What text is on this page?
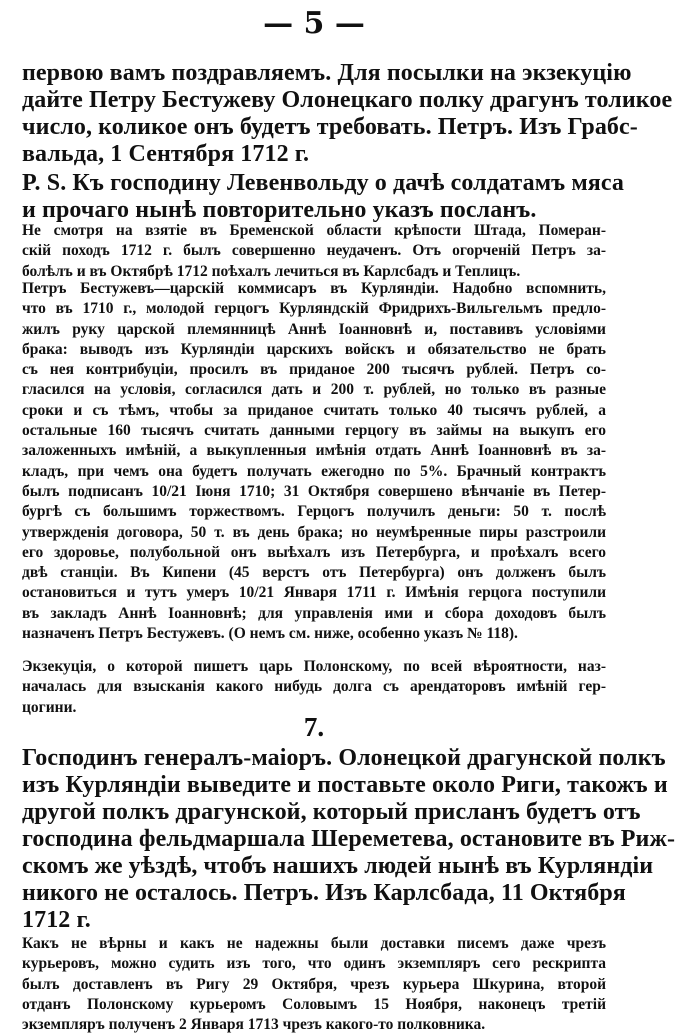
— 5 —
первою вамъ поздравляемъ. Для посылки на экзекуцію
дайте Петру Бестужеву Олонецкаго полку драгунъ толикое
число, коликое онъ будетъ требовать. Петръ. Изъ Грабс-
вальда, 1 Сентября 1712 г.
P. S. Къ господину Левенвольду о дачѣ солдатамъ мяса
и прочаго нынѣ повторительно указъ посланъ.
Не смотря на взятіе въ Бременской области крѣпости Штада, Померан-
скій походъ 1712 г. былъ совершенно неудаченъ. Отъ огорченій Петръ за-
болѣлъ и въ Октябрѣ 1712 поѣхалъ лечиться въ Карлсбадъ и Теплицъ.
Петръ Бестужевъ—царскій коммисаръ въ Курляндіи. Надобно вспомнить,
что въ 1710 г., молодой герцогъ Курляндскій Фридрихъ-Вильгельмъ предло-
жилъ руку царской племянницѣ Аннѣ Іоанновнѣ и, поставивъ условіями
брака: выводъ изъ Курляндіи царскихъ войскъ и обязательство не брать
съ нея контрибуціи, просилъ въ приданое 200 тысячъ рублей. Петръ со-
гласился на условія, согласился дать и 200 т. рублей, но только въ разные
сроки и съ тѣмъ, чтобы за приданое считать только 40 тысячъ рублей, а
остальные 160 тысячъ считать данными герцогу въ займы на выкупъ его
заложенныхъ имѣній, а выкупленныя имѣнія отдать Аннѣ Іоанновнѣ въ за-
кладъ, при чемъ она будетъ получать ежегодно по 5%. Брачный контрактъ
былъ подписанъ 10/21 Іюня 1710; 31 Октября совершено вѣнчаніе въ Петер-
бургѣ съ большимъ торжествомъ. Герцогъ получилъ деньги: 50 т. послѣ
утвержденія договора, 50 т. въ день брака; но неумѣренные пиры разстроили
его здоровье, полубольной онъ выѣхалъ изъ Петербурга, и проѣхалъ всего
двѣ станціи. Въ Кипени (45 верстъ отъ Петербурга) онъ долженъ былъ
остановиться и тутъ умеръ 10/21 Января 1711 г. Имѣнія герцога поступили
въ закладъ Аннѣ Іоанновнѣ; для управленія ими и сбора доходовъ былъ
назначенъ Петръ Бестужевъ. (О немъ см. ниже, особенно указъ № 118).
Экзекуція, о которой пишетъ царь Полонскому, по всей вѣроятности, наз-
началась для взысканія какого нибудь долга съ арендаторовъ имѣній гер-
цогини.
7.
Господинъ генералъ-маіоръ. Олонецкой драгунской полкъ
изъ Курляндіи выведите и поставьте около Риги, такожъ и
другой полкъ драгунской, который присланъ будетъ отъ
господина фельдмаршала Шереметева, остановите въ Риж-
скомъ же уѣздѣ, чтобъ нашихъ людей нынѣ въ Курляндіи
никого не осталось. Петръ. Изъ Карлсбада, 11 Октября
1712 г.
Какъ не вѣрны и какъ не надежны были доставки писемъ даже чрезъ
курьеровъ, можно судить изъ того, что одинъ экземпляръ сего рескрипта
былъ доставленъ въ Ригу 29 Октября, чрезъ курьера Шкурина, второй
отданъ Полонскому курьеромъ Соловымъ 15 Ноября, наконецъ третій
экземпляръ полученъ 2 Января 1713 чрезъ какого-то полковника.
